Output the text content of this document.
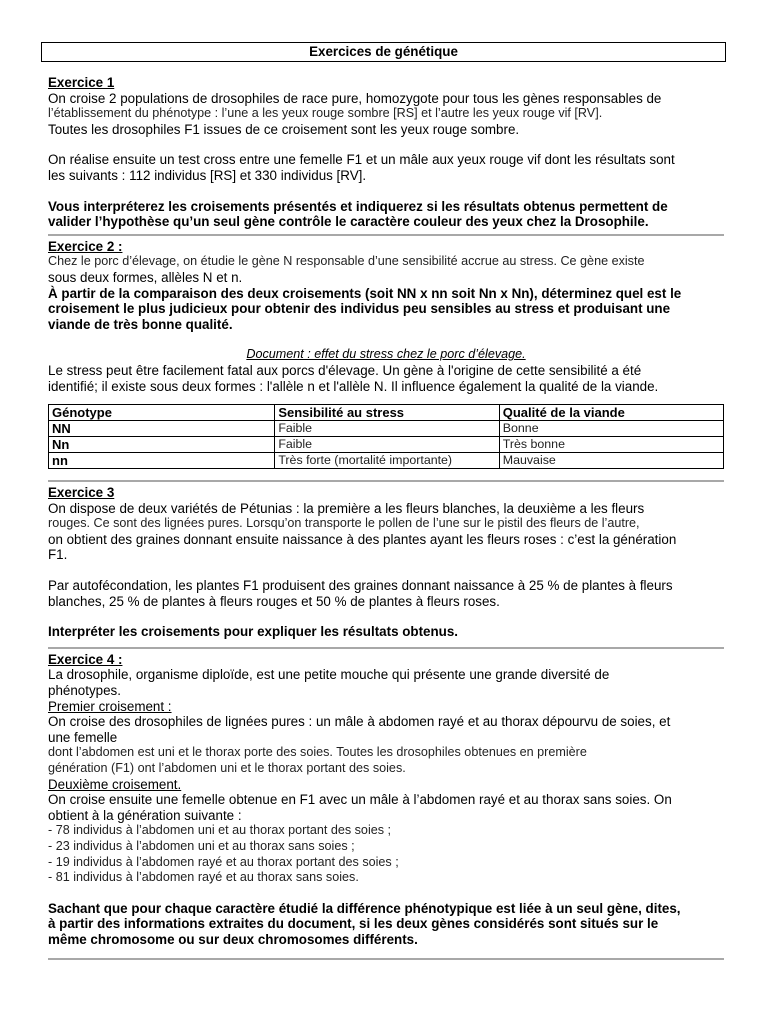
Exercices de génétique

Exercice 1

On croise 2 populations de drosophiles de race pure, homozygote pour tous les gènes responsables de

l’établissement du phénotype : l’une a les yeux rouge sombre [RS] et l’autre les yeux rouge vif [RV].

Toutes les drosophiles F1 issues de ce croisement sont les yeux rouge sombre.

On réalise ensuite un test cross entre une femelle F1 et un mâle aux yeux rouge vif dont les résultats sont

les suivants : 112 individus [RS] et 330 individus [RV].

Vous interpréterez les croisements présentés et indiquerez si les résultats obtenus permettent de

valider l’hypothèse qu’un seul gène contrôle le caractère couleur des yeux chez la Drosophile.

Exercice 2 :

Chez le porc d’élevage, on étudie le gène N responsable d’une sensibilité accrue au stress. Ce gène existe

sous deux formes, allèles N et n.

À partir de la comparaison des deux croisements (soit NN x nn soit Nn x Nn), déterminez quel est le

croisement le plus judicieux pour obtenir des individus peu sensibles au stress et produisant une

viande de très bonne qualité.

Document : effet du stress chez le porc d’élevage.

Le stress peut être facilement fatal aux porcs d'élevage. Un gène à l'origine de cette sensibilité a été

identifié; il existe sous deux formes : l'allèle n et l'allèle N. Il influence également la qualité de la viande.

Génotype	Sensibilité au stress	Qualité de la viande
NN	Faible	Bonne
Nn	Faible	Très bonne
nn	Très forte (mortalité importante)	Mauvaise

Exercice 3

On dispose de deux variétés de Pétunias : la première a les fleurs blanches, la deuxième a les fleurs

rouges. Ce sont des lignées pures. Lorsqu’on transporte le pollen de l’une sur le pistil des fleurs de l’autre,

on obtient des graines donnant ensuite naissance à des plantes ayant les fleurs roses : c’est la génération

F1.

Par autofécondation, les plantes F1 produisent des graines donnant naissance à 25 % de plantes à fleurs

blanches, 25 % de plantes à fleurs rouges et 50 % de plantes à fleurs roses.

Interpréter les croisements pour expliquer les résultats obtenus.

Exercice 4 :

La drosophile, organisme diploïde, est une petite mouche qui présente une grande diversité de

phénotypes.

Premier croisement :

On croise des drosophiles de lignées pures : un mâle à abdomen rayé et au thorax dépourvu de soies, et

une femelle

dont l’abdomen est uni et le thorax porte des soies. Toutes les drosophiles obtenues en première

génération (F1) ont l’abdomen uni et le thorax portant des soies.

Deuxième croisement.

On croise ensuite une femelle obtenue en F1 avec un mâle à l’abdomen rayé et au thorax sans soies. On

obtient à la génération suivante :

- 78 individus à l’abdomen uni et au thorax portant des soies ;

- 23 individus à l’abdomen uni et au thorax sans soies ;

- 19 individus à l’abdomen rayé et au thorax portant des soies ;

- 81 individus à l’abdomen rayé et au thorax sans soies.

Sachant que pour chaque caractère étudié la différence phénotypique est liée à un seul gène, dites,

à partir des informations extraites du document, si les deux gènes considérés sont situés sur le

même chromosome ou sur deux chromosomes différents.
